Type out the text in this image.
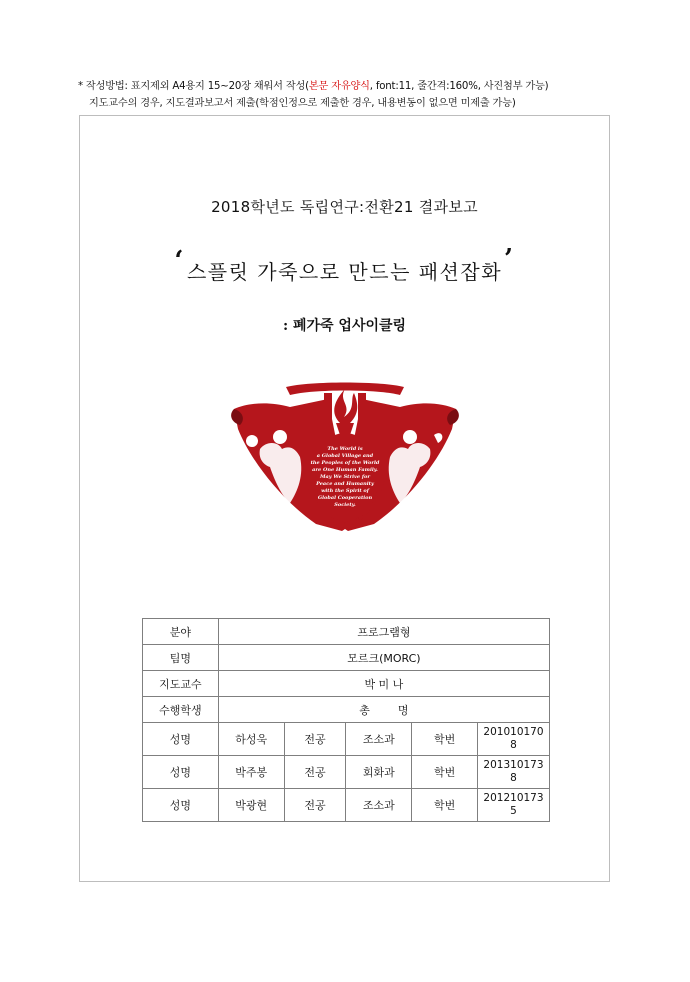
* 작성방법: 표지제외 A4용지 15~20장 채워서 작성(본문 자유양식, font:11, 줄간격:160%, 사진첨부 가능)
지도교수의 경우, 지도결과보고서 제출(학점인정으로 제출한 경우, 내용변동이 없으면 미제출 가능)
2018학년도 독립연구:전환21 결과보고
‘ 스플릿 가죽으로 만드는 패션잡화’
: 폐가죽 업사이클링
The World is
a Global Village and
the Peoples of the World
are One Human Family.
May We Strive for
Peace and Humanity
with the Spirit of
Global Cooperation
Society.
분야	프로그램형				
팀명	모르크(MORC)				
지도교수	박 미 나				
수행학생	총        명				
성명	하성욱	전공	조소과	학번	201010170
8

성명	박주봉	전공	회화과	학번	201310173
8

성명	박광현	전공	조소과	학번	201210173
5
